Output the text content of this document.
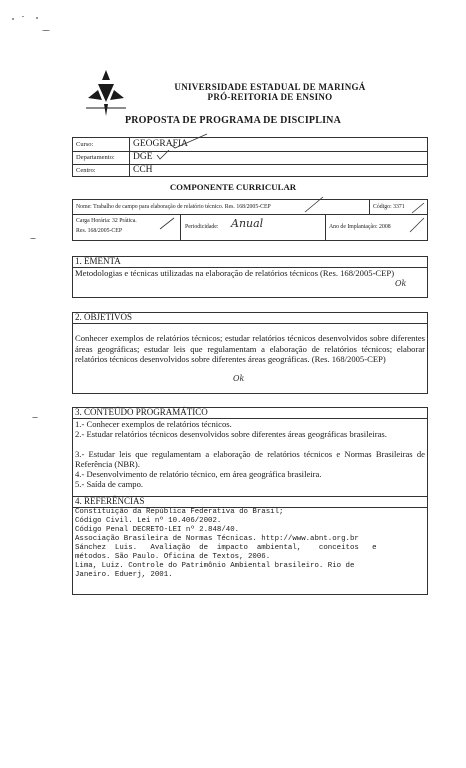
UNIVERSIDADE ESTADUAL DE MARINGÁ
PRÓ-REITORIA DE ENSINO
PROPOSTA DE PROGRAMA DE DISCIPLINA
Curso:	GEOGRAFIA
Departamento: DGE
Centro:	CCH
COMPONENTE CURRICULAR
Nome: Trabalho de campo para elaboração de relatório técnico. Res. 168/2005-CEP	Código: 3371
Carga Horária: 32 Prática.
Res. 168/2005-CEP
Periodicidade: Anual	Ano de Implantação: 2008
1. EMENTA
Metodologias e técnicas utilizadas na elaboração de relatórios técnicos (Res. 168/2005-CEP)
Ok
2. OBJETIVOS
Conhecer exemplos de relatórios técnicos; estudar relatórios técnicos desenvolvidos sobre diferentes áreas geográficas; estudar leis que regulamentam a elaboração de relatórios técnicos; elaborar relatórios técnicos desenvolvidos sobre diferentes áreas geográficas. (Res. 168/2005-CEP)
Ok
3. CONTEÚDO PROGRAMÁTICO
1.- Conhecer exemplos de relatórios técnicos.
2.- Estudar relatórios técnicos desenvolvidos sobre diferentes áreas geográficas brasileiras.
3.- Estudar leis que regulamentam a elaboração de relatórios técnicos e Normas Brasileiras de Referência (NBR).
4.- Desenvolvimento de relatório técnico, em área geográfica brasileira.
5.- Saída de campo.
4. REFERÊNCIAS
Constituição da República Federativa do Brasil;
Código Civil. Lei nº 10.406/2002.
Código Penal DECRETO-LEI nº 2.848/40.
Associação Brasileira de Normas Técnicas. http://www.abnt.org.br
Sánchez  Luis.   Avaliação  de  impacto  ambiental,    conceitos   e
métodos. São Paulo. Oficina de Textos, 2006.
Lima, Luiz. Controle do Patrimônio Ambiental brasileiro. Rio de
Janeiro. Eduerj, 2001.
